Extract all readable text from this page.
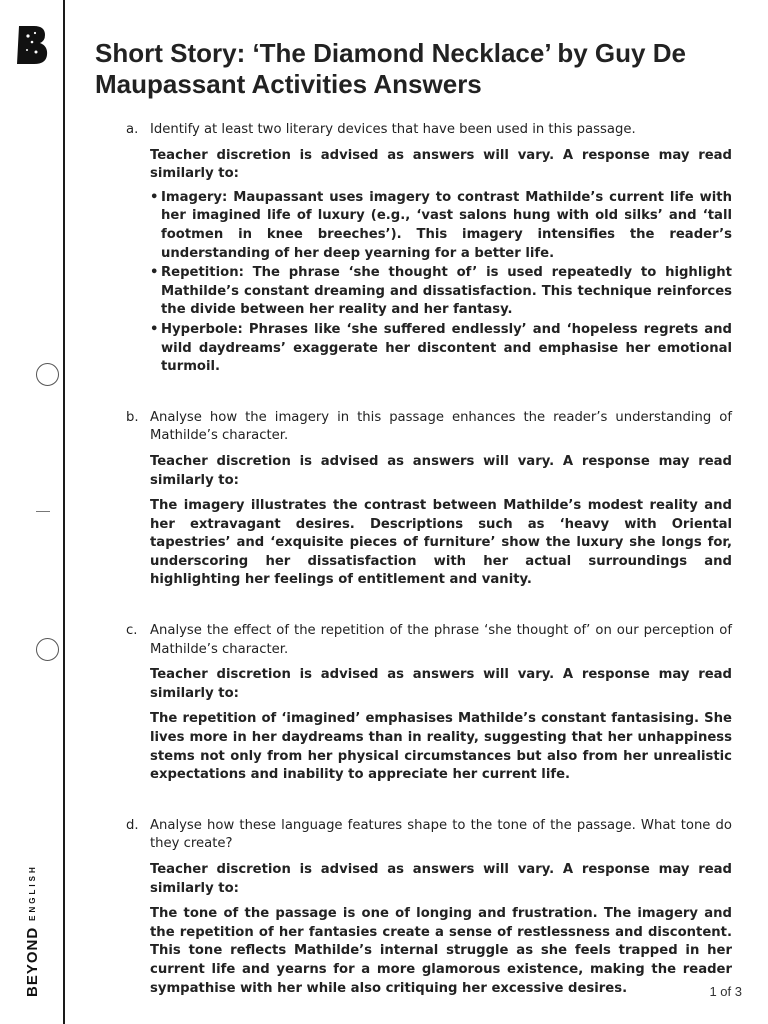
BEYOND
ENGLISH
Short Story: ‘The Diamond Necklace’ by Guy De Maupassant Activities Answers
a. Identify at least two literary devices that have been used in this passage.

Teacher discretion is advised as answers will vary. A response may read similarly to:

• Imagery: Maupassant uses imagery to contrast Mathilde’s current life with her imagined life of luxury (e.g., ‘vast salons hung with old silks’ and ‘tall footmen in knee breeches’). This imagery intensifies the reader’s understanding of her deep yearning for a better life.
• Repetition: The phrase ‘she thought of’ is used repeatedly to highlight Mathilde’s constant dreaming and dissatisfaction. This technique reinforces the divide between her reality and her fantasy.
• Hyperbole: Phrases like ‘she suffered endlessly’ and ‘hopeless regrets and wild daydreams’ exaggerate her discontent and emphasise her emotional turmoil.
b. Analyse how the imagery in this passage enhances the reader’s understanding of Mathilde’s character.

Teacher discretion is advised as answers will vary. A response may read similarly to:

The imagery illustrates the contrast between Mathilde’s modest reality and her extravagant desires. Descriptions such as ‘heavy with Oriental tapestries’ and ‘exquisite pieces of furniture’ show the luxury she longs for, underscoring her dissatisfaction with her actual surroundings and highlighting her feelings of entitlement and vanity.

c. Analyse the effect of the repetition of the phrase ‘she thought of’ on our perception of Mathilde’s character.

Teacher discretion is advised as answers will vary. A response may read similarly to:

The repetition of ‘imagined’ emphasises Mathilde’s constant fantasising. She lives more in her daydreams than in reality, suggesting that her unhappiness stems not only from her physical circumstances but also from her unrealistic expectations and inability to appreciate her current life.

d. Analyse how these language features shape to the tone of the passage. What tone do they create?

Teacher discretion is advised as answers will vary. A response may read similarly to:

The tone of the passage is one of longing and frustration. The imagery and the repetition of her fantasies create a sense of restlessness and discontent. This tone reflects Mathilde’s internal struggle as she feels trapped in her current life and yearns for a more glamorous existence, making the reader sympathise with her while also critiquing her excessive desires.	1 of 3
